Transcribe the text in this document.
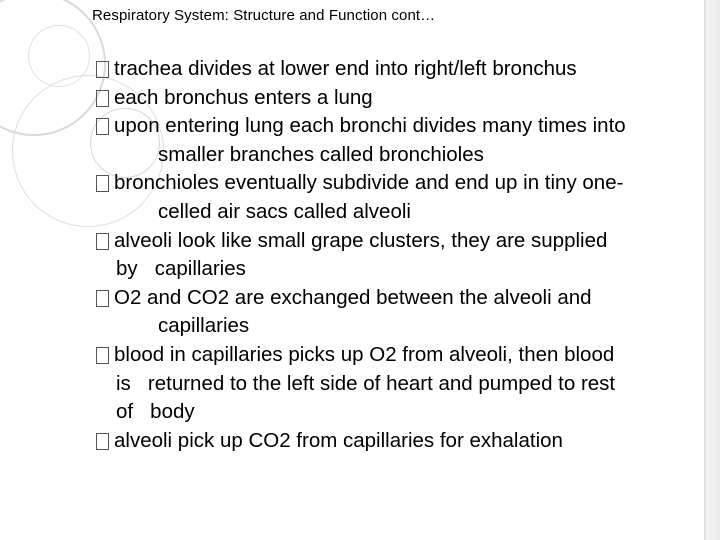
Respiratory System: Structure and Function cont…
trachea divides at lower end into right/left bronchus
each bronchus enters a lung
upon entering lung each bronchi divides many times into
smaller branches called bronchioles
bronchioles eventually subdivide and end up in tiny one-
celled air sacs called alveoli
alveoli look like small grape clusters, they are supplied
by   capillaries
O2 and CO2 are exchanged between the alveoli and
capillaries
blood in capillaries picks up O2 from alveoli, then blood
is   returned to the left side of heart and pumped to rest
of   body
alveoli pick up CO2 from capillaries for exhalation
